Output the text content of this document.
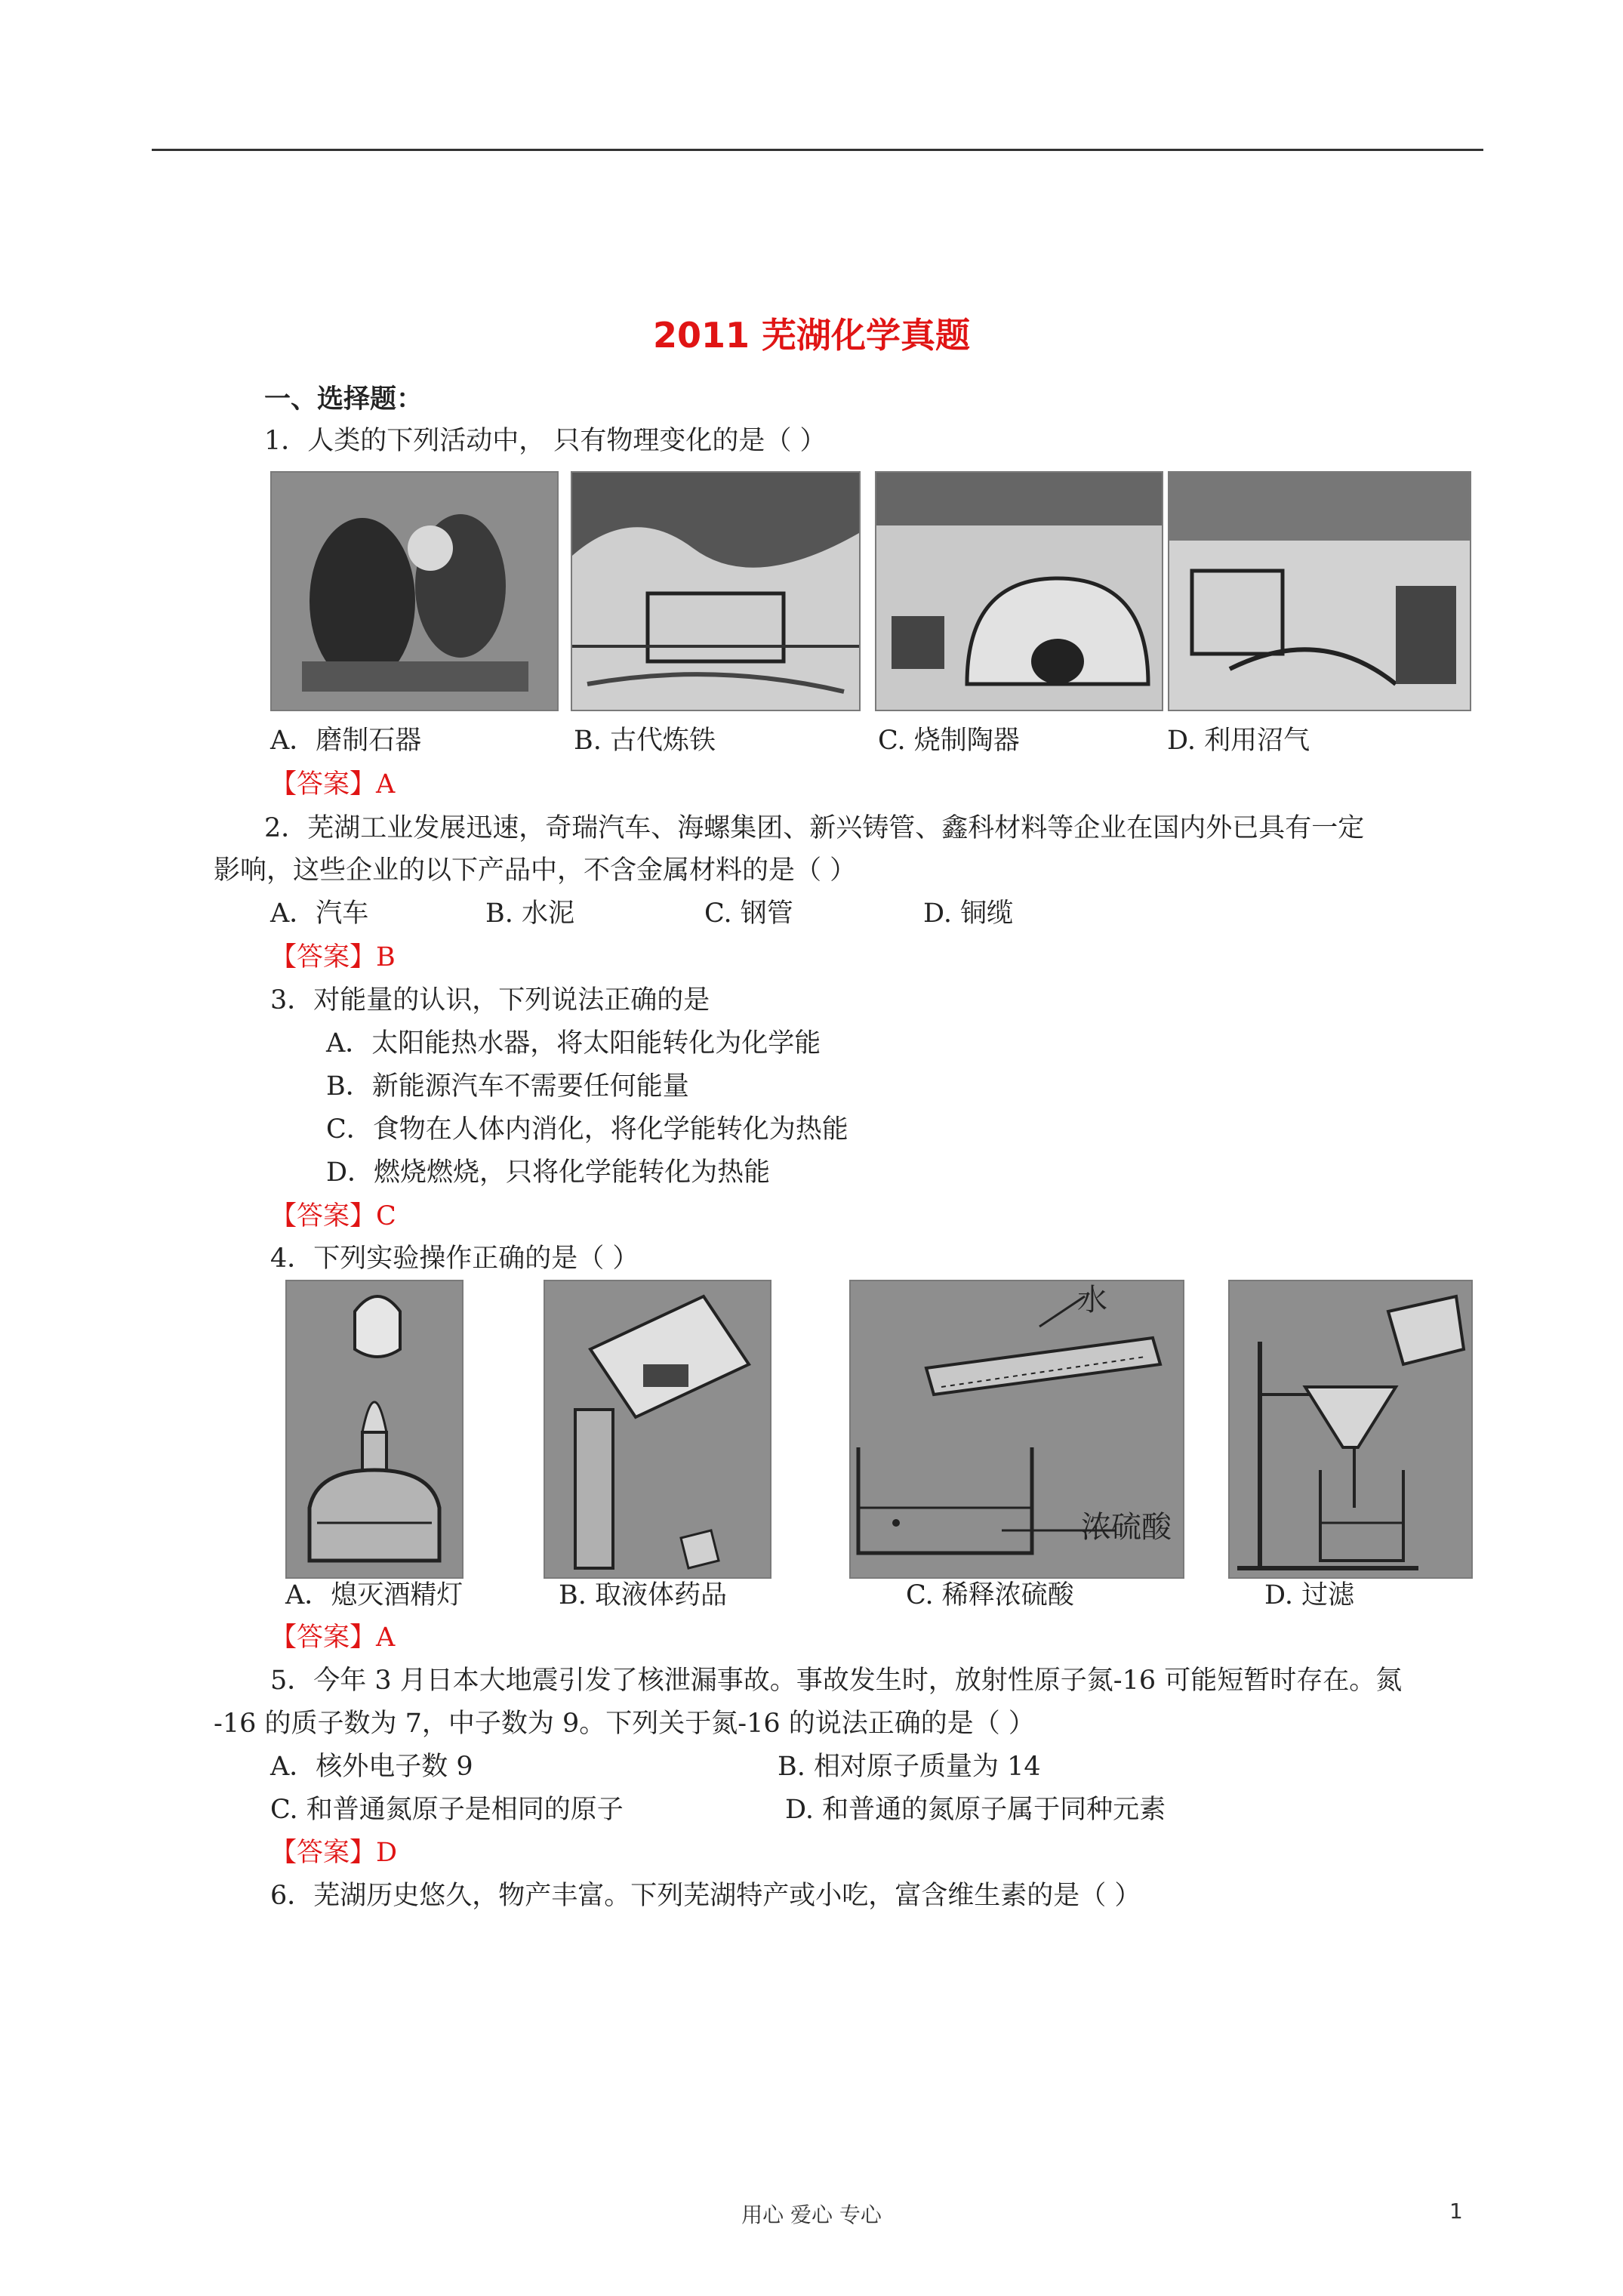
2011 芜湖化学真题
一、选择题：
1．人类的下列活动中， 只有物理变化的是（ ）
A．磨制石器	B. 古代炼铁	C. 烧制陶器	D. 利用沼气
【答案】A
2．芜湖工业发展迅速，奇瑞汽车、海螺集团、新兴铸管、鑫科材料等企业在国内外已具有一定
影响，这些企业的以下产品中，不含金属材料的是（ ）
A．汽车	B. 水泥	C. 钢管	D. 铜缆
【答案】B
3．对能量的认识，下列说法正确的是
A．太阳能热水器，将太阳能转化为化学能
B．新能源汽车不需要任何能量
C．食物在人体内消化，将化学能转化为热能
D．燃烧燃烧，只将化学能转化为热能
【答案】C
4．下列实验操作正确的是（ ）
水
浓硫酸
A．熄灭酒精灯	B. 取液体药品	C. 稀释浓硫酸	D. 过滤
【答案】A
5．今年 3 月日本大地震引发了核泄漏事故。事故发生时，放射性原子氮-16 可能短暂时存在。氮
-16 的质子数为 7，中子数为 9。下列关于氮-16 的说法正确的是（ ）
A．核外电子数 9	B. 相对原子质量为 14
C. 和普通氮原子是相同的原子	D. 和普通的氮原子属于同种元素
【答案】D
6．芜湖历史悠久，物产丰富。下列芜湖特产或小吃，富含维生素的是（ ）
用心 爱心 专心	1
